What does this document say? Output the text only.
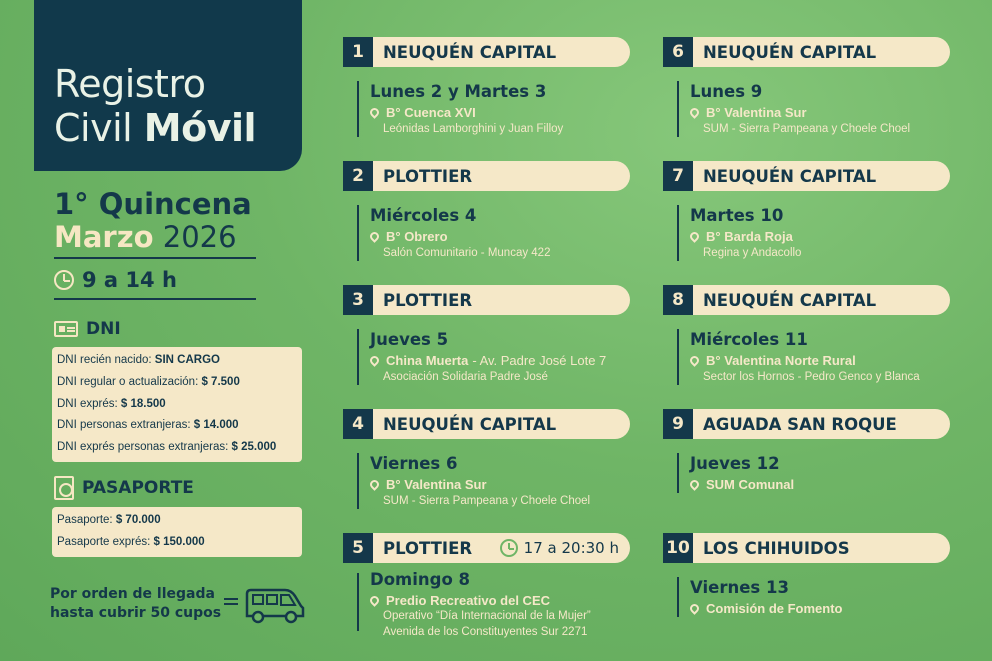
Registro
Civil Móvil
1° Quincena
Marzo 2026
9 a 14 h
DNI
DNI recién nacido: SIN CARGO
DNI regular o actualización: $ 7.500
DNI exprés: $ 18.500
DNI personas extranjeras: $ 14.000
DNI exprés personas extranjeras: $ 25.000
PASAPORTE
Pasaporte: $ 70.000
Pasaporte exprés: $ 150.000
Por orden de llegada
hasta cubrir 50 cupos
1	NEUQUÉN CAPITAL
Lunes 2 y Martes 3
B° Cuenca XVI
Leónidas Lamborghini y Juan Filloy
2	PLOTTIER
Miércoles 4
B° Obrero
Salón Comunitario - Muncay 422
3	PLOTTIER
Jueves 5
China Muerta - Av. Padre José Lote 7
Asociación Solidaria Padre José
4	NEUQUÉN CAPITAL
Viernes 6
B° Valentina Sur
SUM - Sierra Pampeana y Choele Choel
5	PLOTTIER	17 a 20:30 h
Domingo 8
Predio Recreativo del CEC
Operativo “Día Internacional de la Mujer”
Avenida de los Constituyentes Sur 2271
6	NEUQUÉN CAPITAL
Lunes 9
B° Valentina Sur
SUM - Sierra Pampeana y Choele Choel
7	NEUQUÉN CAPITAL
Martes 10
B° Barda Roja
Regina y Andacollo
8	NEUQUÉN CAPITAL
Miércoles 11
B° Valentina Norte Rural
Sector los Hornos - Pedro Genco y Blanca
9	AGUADA SAN ROQUE
Jueves 12
SUM Comunal
10 LOS CHIHUIDOS
Viernes 13
Comisión de Fomento
